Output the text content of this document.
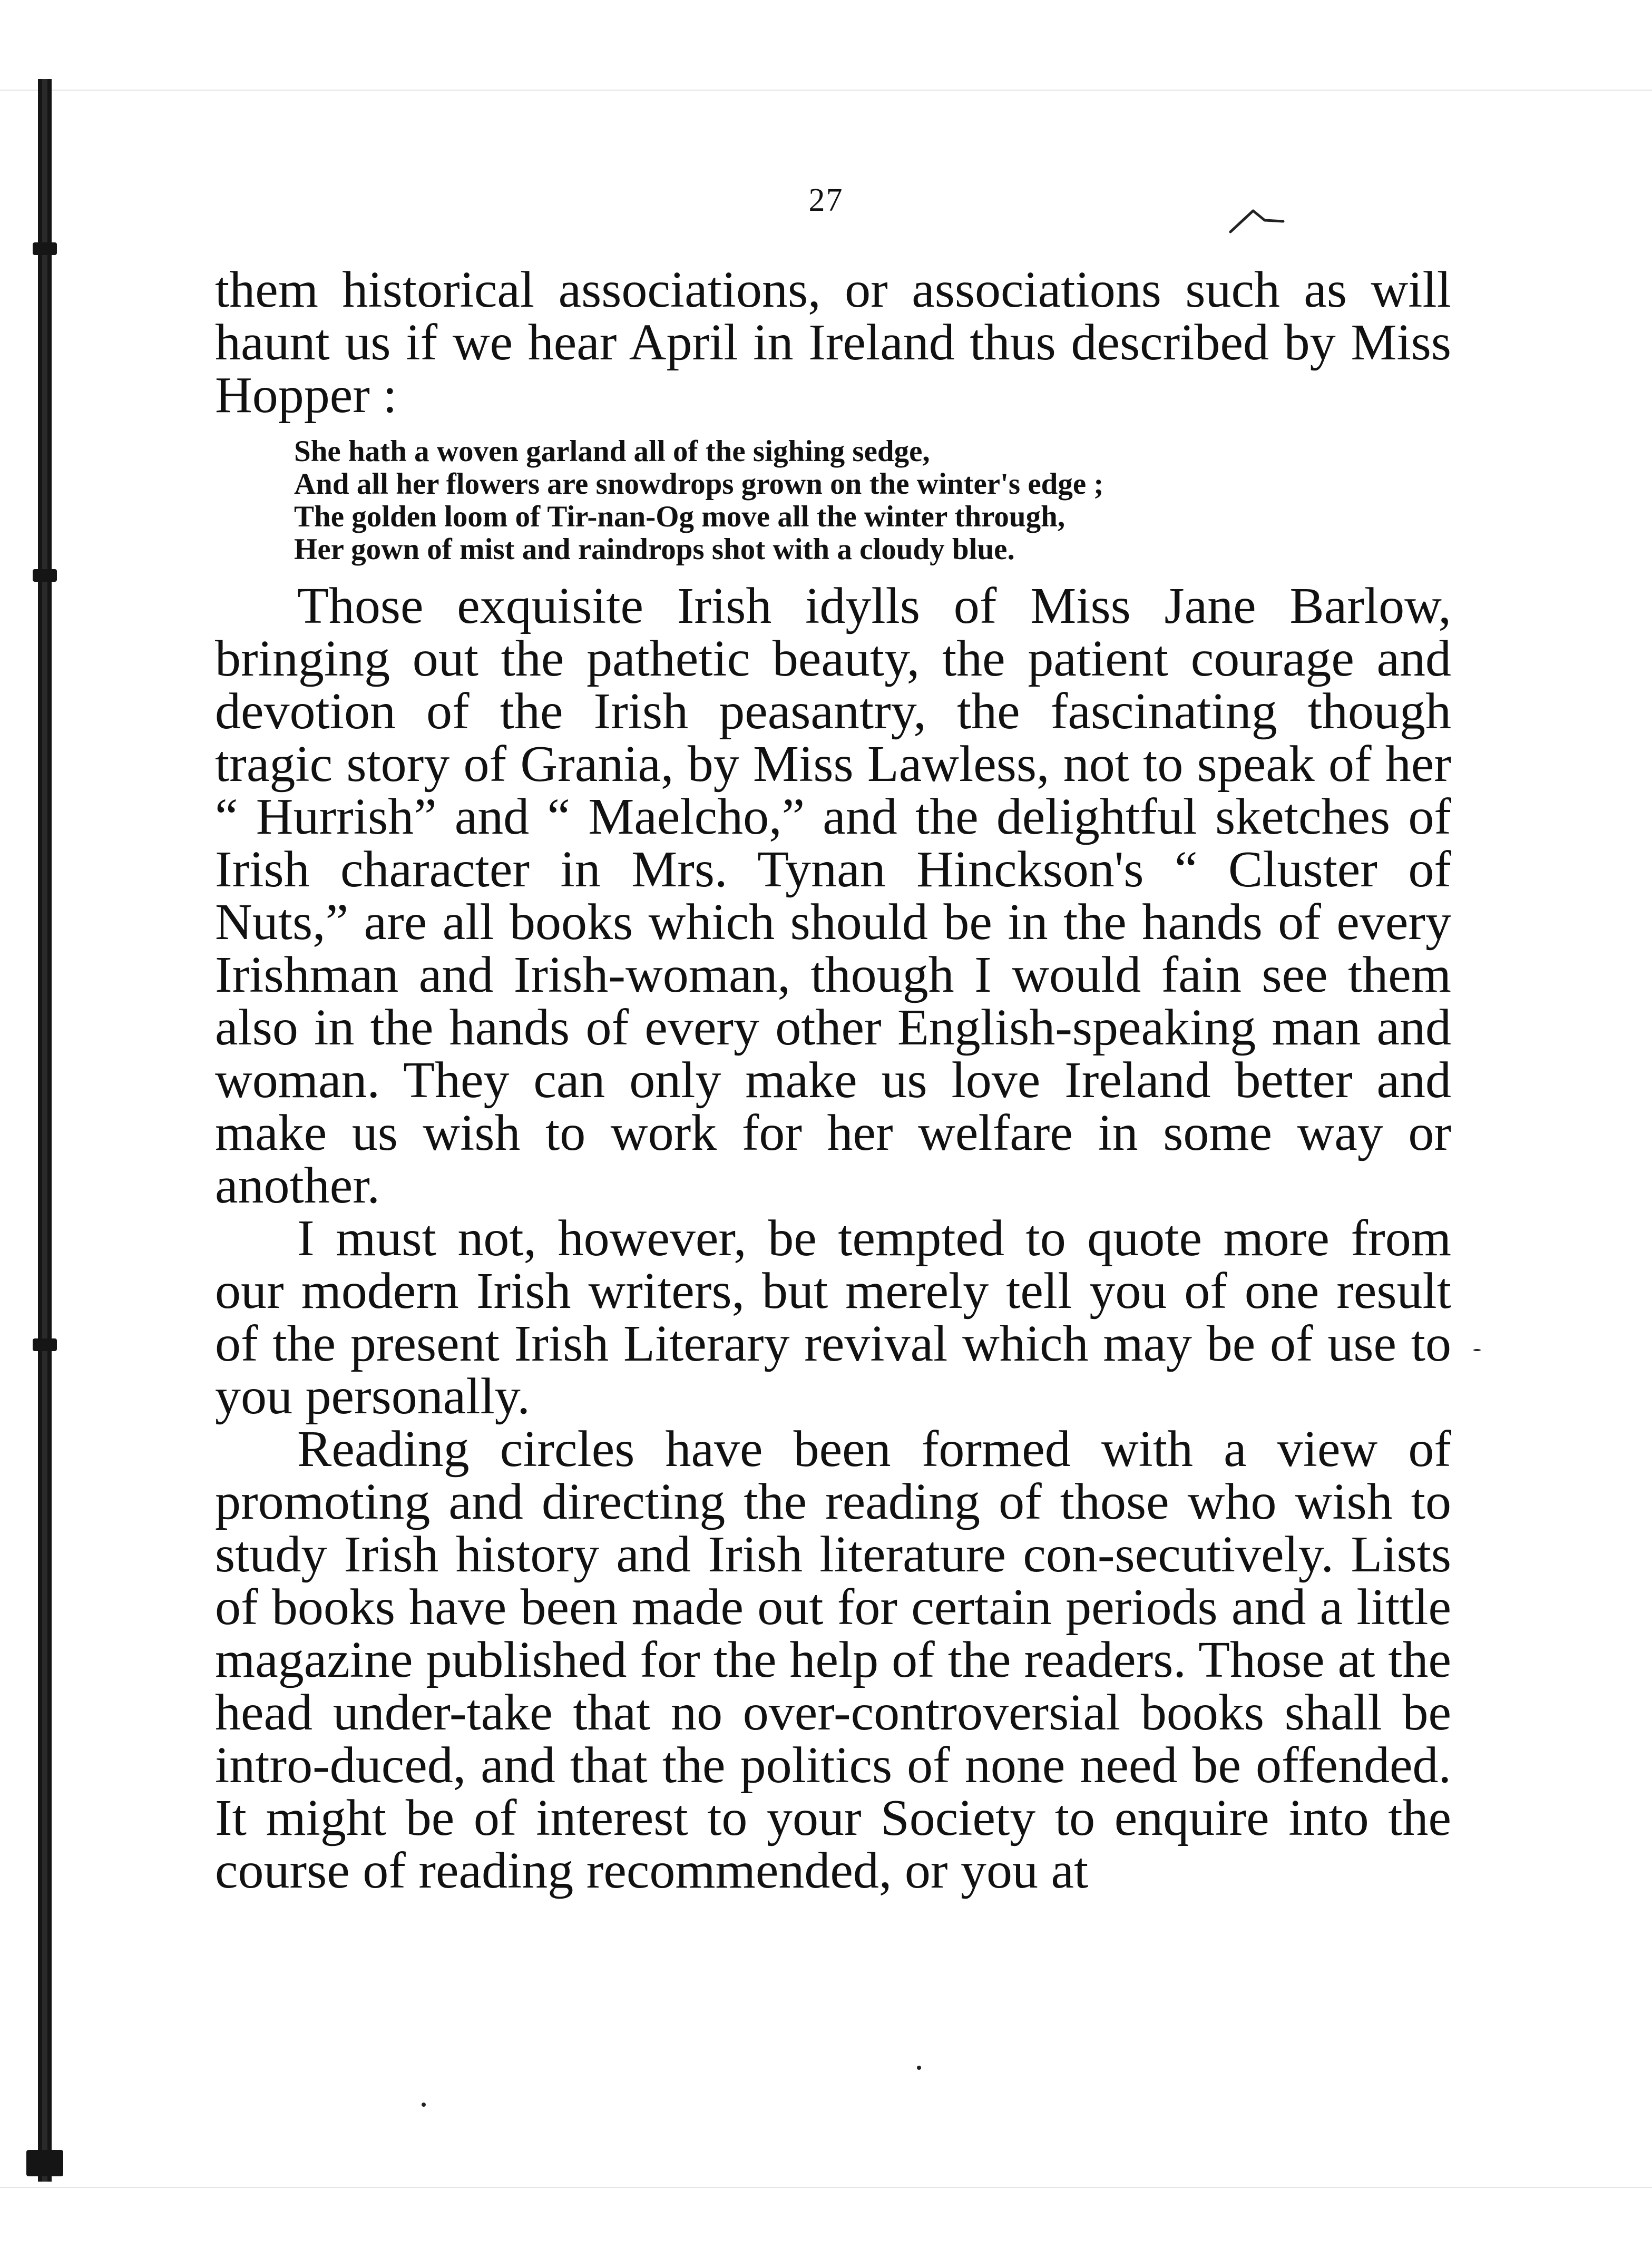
27

them historical associations, or associations such as will haunt us if we hear April in Ireland thus described by Miss Hopper :

She hath a woven garland all of the sighing sedge,
And all her flowers are snowdrops grown on the winter's edge ;
The golden loom of Tir-nan-Og move all the winter through,
Her gown of mist and raindrops shot with a cloudy blue.

Those exquisite Irish idylls of Miss Jane Barlow, bringing out the pathetic beauty, the patient courage and devotion of the Irish peasantry, the fascinating though tragic story of Grania, by Miss Lawless, not to speak of her “ Hurrish” and “ Maelcho,” and the delightful sketches of Irish character in Mrs. Tynan Hinckson's “ Cluster of Nuts,” are all books which should be in the hands of every Irishman and Irish-woman, though I would fain see them also in the hands of every other English-speaking man and woman. They can only make us love Ireland better and make us wish to work for her welfare in some way or another.

I must not, however, be tempted to quote more from our modern Irish writers, but merely tell you of one result of the present Irish Literary revival which may be of use to you personally.

Reading circles have been formed with a view of promoting and directing the reading of those who wish to study Irish history and Irish literature con-secutively. Lists of books have been made out for certain periods and a little magazine published for the help of the readers. Those at the head under-take that no over-controversial books shall be intro-duced, and that the politics of none need be offended. It might be of interest to your Society to enquire into the course of reading recommended, or you at
